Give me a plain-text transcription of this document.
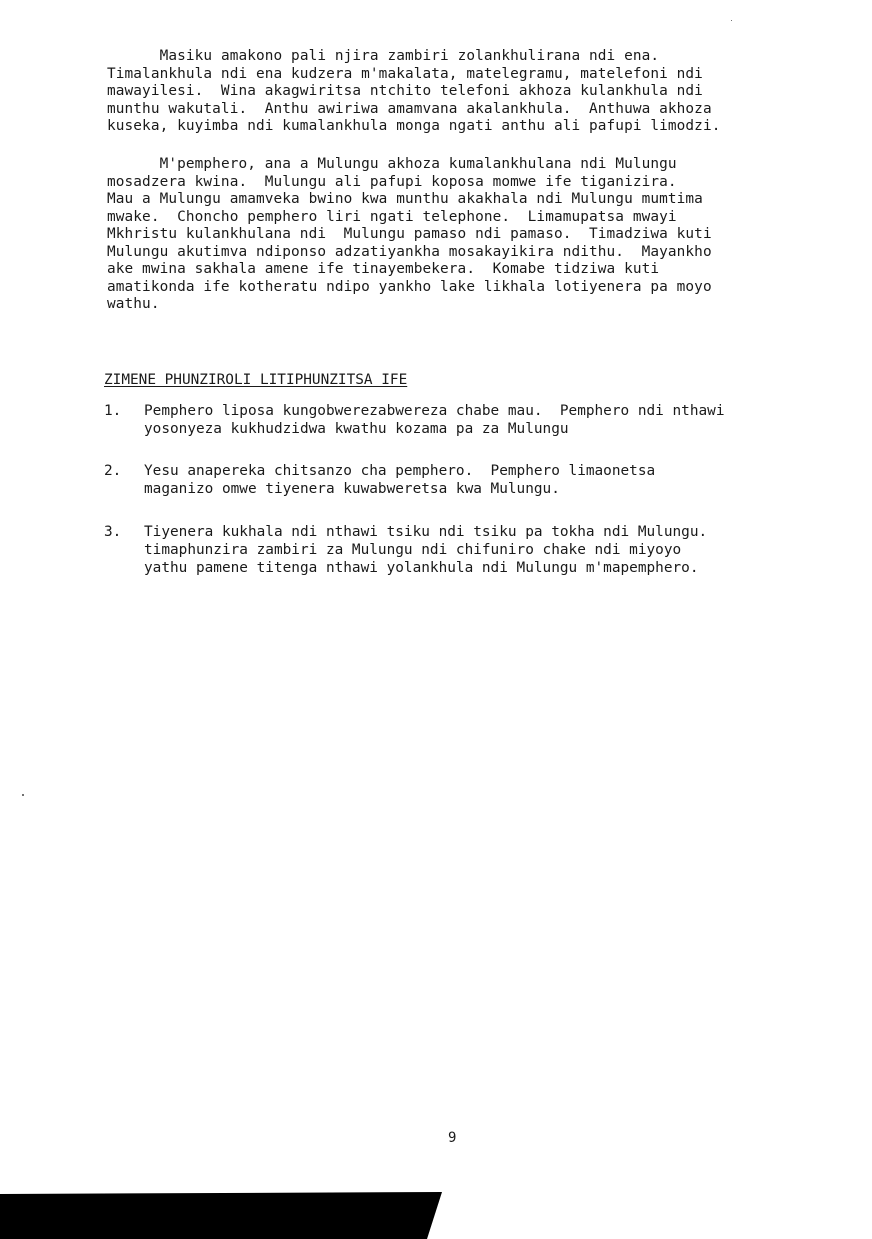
Masiku amakono pali njira zambiri zolankhulirana ndi ena.
Timalankhula ndi ena kudzera m'makalata, matelegramu, matelefoni ndi
mawayilesi.  Wina akagwiritsa ntchito telefoni akhoza kulankhula ndi
munthu wakutali.  Anthu awiriwa amamvana akalankhula.  Anthuwa akhoza
kuseka, kuyimba ndi kumalankhula monga ngati anthu ali pafupi limodzi.

M'pemphero, ana a Mulungu akhoza kumalankhulana ndi Mulungu
mosadzera kwina.  Mulungu ali pafupi koposa momwe ife tiganizira.
Mau a Mulungu amamveka bwino kwa munthu akakhala ndi Mulungu mumtima
mwake.  Choncho pemphero liri ngati telephone.  Limamupatsa mwayi
Mkhristu kulankhulana ndi  Mulungu pamaso ndi pamaso.  Timadziwa kuti
Mulungu akutimva ndiponso adzatiyankha mosakayikira ndithu.  Mayankho
ake mwina sakhala amene ife tinayembekera.  Komabe tidziwa kuti
amatikonda ife kotheratu ndipo yankho lake likhala lotiyenera pa moyo
wathu.

ZIMENE PHUNZIROLI LITIPHUNZITSA IFE

1.	Pemphero liposa kungobwerezabwereza chabe mau.  Pemphero ndi nthawi
yosonyeza kukhudzidwa kwathu kozama pa za Mulungu
2.	Yesu anapereka chitsanzo cha pemphero.  Pemphero limaonetsa
maganizo omwe tiyenera kuwabweretsa kwa Mulungu.
3.	Tiyenera kukhala ndi nthawi tsiku ndi tsiku pa tokha ndi Mulungu.
timaphunzira zambiri za Mulungu ndi chifuniro chake ndi miyoyo
yathu pamene titenga nthawi yolankhula ndi Mulungu m'mapemphero.
9
